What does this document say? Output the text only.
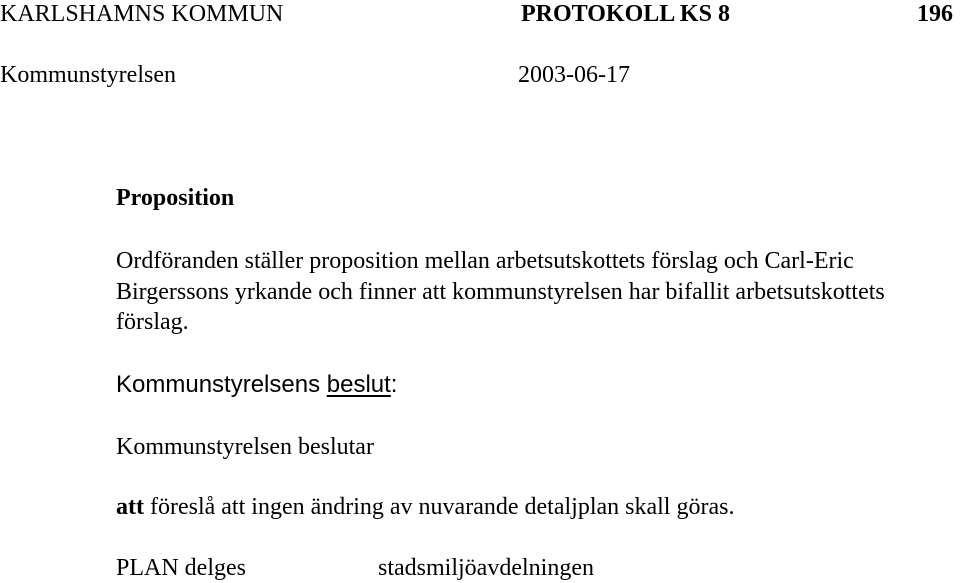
KARLSHAMNS KOMMUN	PROTOKOLL KS 8	196
Kommunstyrelsen	2003-06-17
Proposition
Ordföranden ställer proposition mellan arbetsutskottets förslag och Carl-Eric
Birgerssons yrkande och finner att kommunstyrelsen har bifallit arbetsutskottets
förslag.
Kommunstyrelsens beslut:
Kommunstyrelsen beslutar
att föreslå att ingen ändring av nuvarande detaljplan skall göras.
PLAN delges	stadsmiljöavdelningen
